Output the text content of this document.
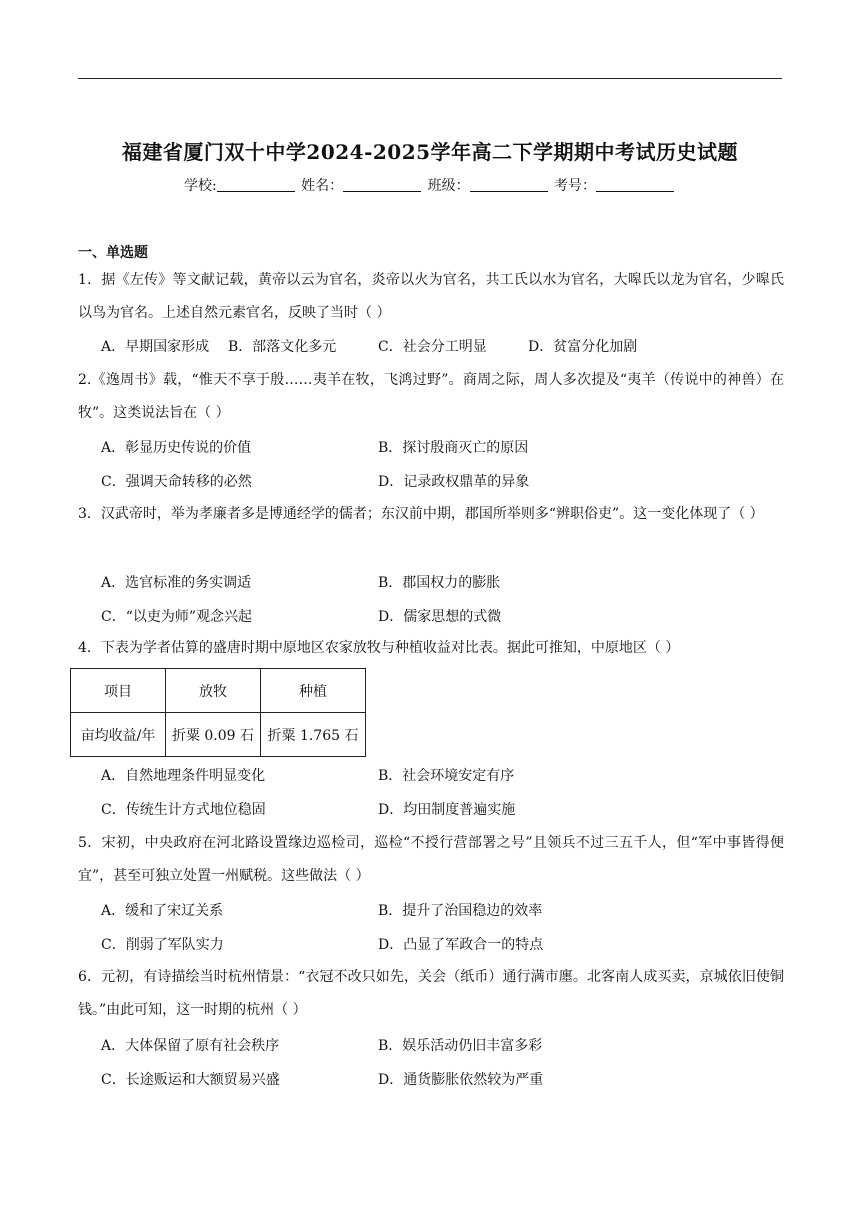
福建省厦门双十中学2024-2025学年高二下学期期中考试历史试题
学校:	姓名：	班级：	考号：
一、单选题
1．据《左传》等文献记载，黄帝以云为官名，炎帝以火为官名，共工氏以水为官名，大嗥氏以龙为官名，少嗥氏以鸟为官名。上述自然元素官名，反映了当时（ ）
A．早期国家形成 B．部落文化多元	C．社会分工明显	D．贫富分化加剧
2.《逸周书》载，“惟天不享于殷……夷羊在牧，飞鸿过野”。商周之际，周人多次提及“夷羊（传说中的神兽）在牧”。这类说法旨在（ ）
A．彰显历史传说的价值	B．探讨殷商灭亡的原因
C．强调天命转移的必然	D．记录政权鼎革的异象
3．汉武帝时，举为孝廉者多是博通经学的儒者；东汉前中期，郡国所举则多“辨职俗吏”。这一变化体现了（ ）
A．选官标准的务实调适	B．郡国权力的膨胀
C．“以吏为师”观念兴起	D．儒家思想的式微
4．下表为学者估算的盛唐时期中原地区农家放牧与种植收益对比表。据此可推知，中原地区（ ）
项目	放牧	种植
亩均收益/年	折粟 0.09 石	折粟 1.765 石
A．自然地理条件明显变化	B．社会环境安定有序
C．传统生计方式地位稳固	D．均田制度普遍实施
5．宋初，中央政府在河北路设置缘边巡检司，巡检“不授行营部署之号”且领兵不过三五千人，但“军中事皆得便宜”，甚至可独立处置一州赋税。这些做法（ ）
A．缓和了宋辽关系	B．提升了治国稳边的效率
C．削弱了军队实力	D．凸显了军政合一的特点
6．元初，有诗描绘当时杭州情景：“衣冠不改只如先，关会（纸币）通行满市廛。北客南人成买卖，京城依旧使铜钱。”由此可知，这一时期的杭州（ ）
A．大体保留了原有社会秩序	B．娱乐活动仍旧丰富多彩
C．长途贩运和大额贸易兴盛	D．通货膨胀依然较为严重
